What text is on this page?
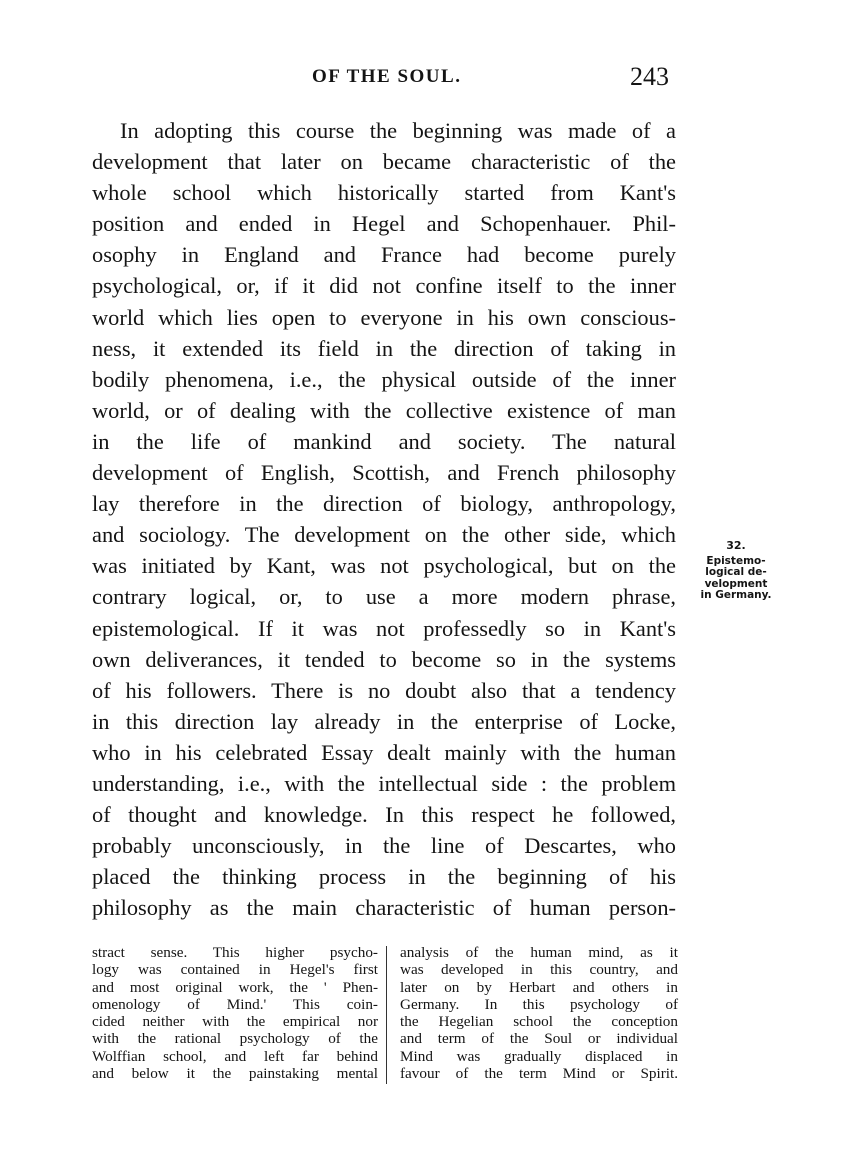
OF THE SOUL.	243
In adopting this course the beginning was made of a
development that later on became characteristic of the
whole school which historically started from Kant's
position and ended in Hegel and Schopenhauer. Phil-
osophy in England and France had become purely
psychological, or, if it did not confine itself to the inner
world which lies open to everyone in his own conscious-
ness, it extended its field in the direction of taking in
bodily phenomena, i.e., the physical outside of the inner
world, or of dealing with the collective existence of man
in the life of mankind and society. The natural
development of English, Scottish, and French philosophy
lay therefore in the direction of biology, anthropology,
and sociology. The development on the other side, which
was initiated by Kant, was not psychological, but on the
contrary logical, or, to use a more modern phrase,
epistemological. If it was not professedly so in Kant's
own deliverances, it tended to become so in the systems
of his followers. There is no doubt also that a tendency
in this direction lay already in the enterprise of Locke,
who in his celebrated Essay dealt mainly with the human
understanding, i.e., with the intellectual side : the problem
of thought and knowledge. In this respect he followed,
probably unconsciously, in the line of Descartes, who
placed the thinking process in the beginning of his
philosophy as the main characteristic of human person-
32.
Epistemo-
logical de-
velopment
in Germany.
stract sense. This higher psycho-
logy was contained in Hegel's first
and most original work, the ' Phen-
omenology of Mind.' This coin-
cided neither with the empirical nor
with the rational psychology of the
Wolffian school, and left far behind
and below it the painstaking mental
analysis of the human mind, as it
was developed in this country, and
later on by Herbart and others in
Germany. In this psychology of
the Hegelian school the conception
and term of the Soul or individual
Mind was gradually displaced in
favour of the term Mind or Spirit.
